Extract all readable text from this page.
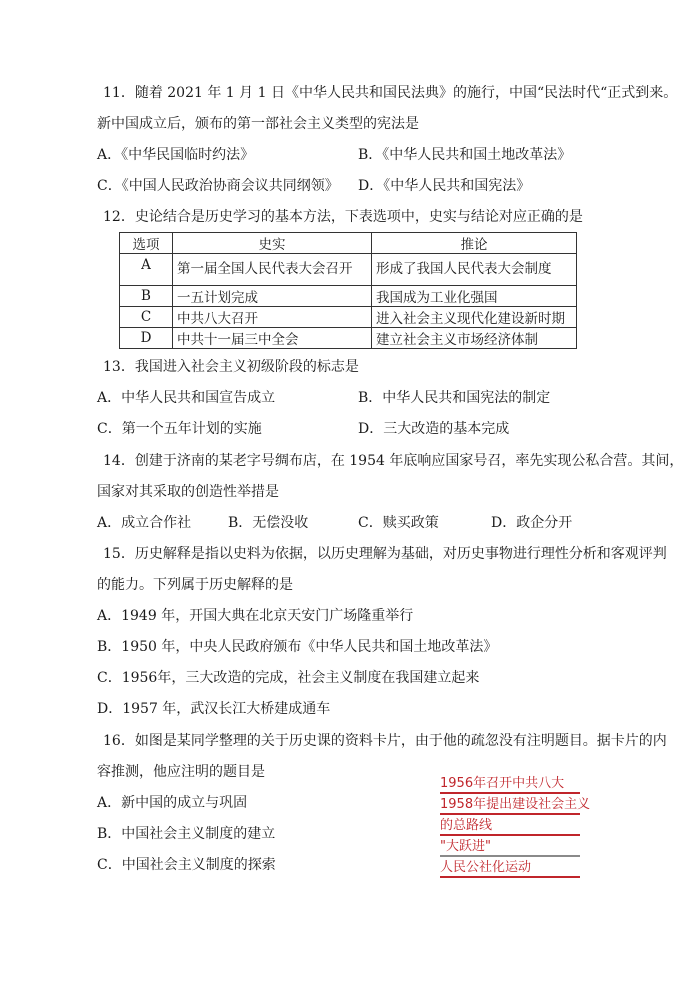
11．随着 2021 年 1 月 1 日《中华人民共和国民法典》的施行，中国“民法时代“正式到来。
新中国成立后，颁布的第一部社会主义类型的宪法是
A．《中华民国临时约法》	B．《中华人民共和国土地改革法》
C．《中国人民政治协商会议共同纲领》 D．《中华人民共和国宪法》
12．史论结合是历史学习的基本方法，下表选项中，史实与结论对应正确的是
选项	史实	推论
A	第一届全国人民代表大会召开	形成了我国人民代表大会制度
B	一五计划完成	我国成为工业化强国
C	中共八大召开	进入社会主义现代化建设新时期
D	中共十一届三中全会	建立社会主义市场经济体制
13．我国进入社会主义初级阶段的标志是
A．中华人民共和国宣告成立	B．中华人民共和国宪法的制定
C．第一个五年计划的实施	D．三大改造的基本完成
14．创建于济南的某老字号绸布店，在 1954 年底响应国家号召，率先实现公私合营。其间，
国家对其采取的创造性举措是
A．成立合作社	B．无偿没收	C．赎买政策	D．政企分开
15．历史解释是指以史料为依据，以历史理解为基础，对历史事物进行理性分析和客观评判
的能力。下列属于历史解释的是
A．1949 年，开国大典在北京天安门广场隆重举行
B．1950 年，中央人民政府颁布《中华人民共和国土地改革法》
C．1956年，三大改造的完成，社会主义制度在我国建立起来
D．1957 年，武汉长江大桥建成通车
16．如图是某同学整理的关于历史课的资料卡片，由于他的疏忽没有注明题目。据卡片的内
容推测，他应注明的题目是
A．新中国的成立与巩固
B．中国社会主义制度的建立
C．中国社会主义制度的探索
1956年召开中共八大
1958年提出建设社会主义
的总路线
"大跃进"
人民公社化运动
